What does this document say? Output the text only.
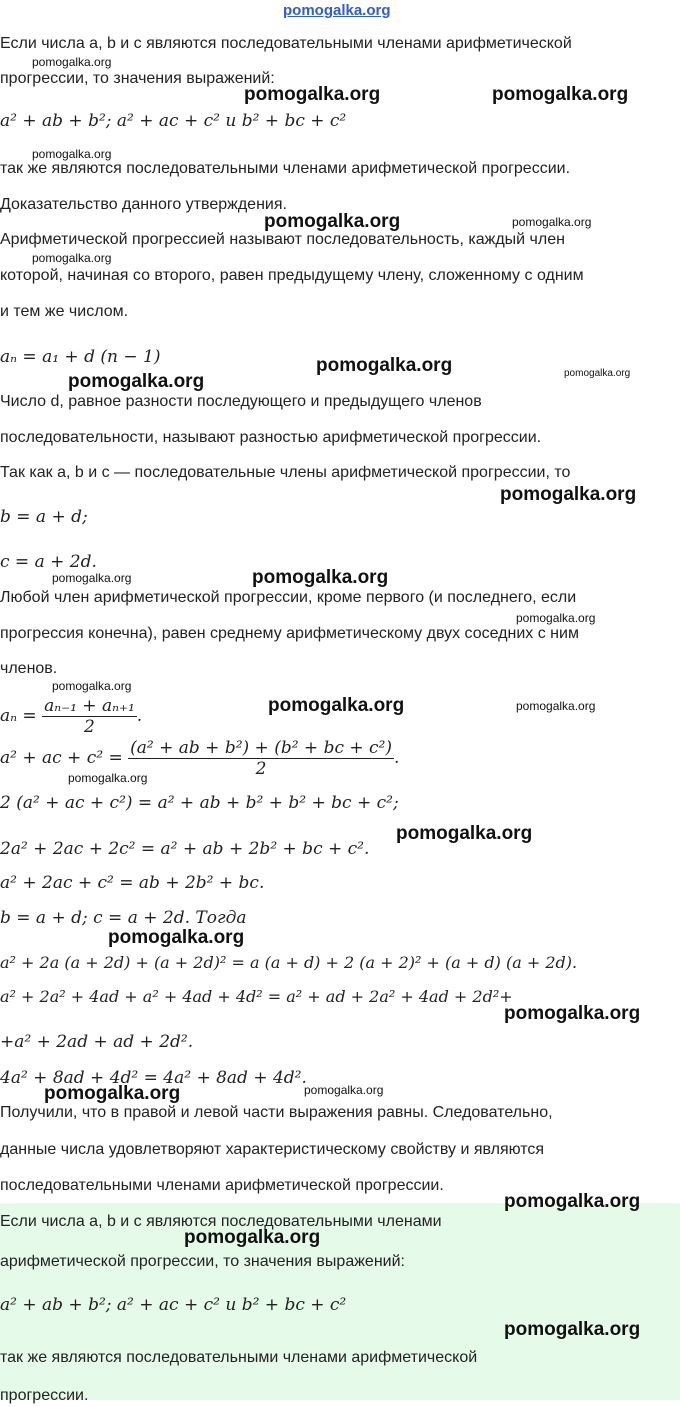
pomogalka.org
Если числа a, b и c являются последовательными членами арифметической
прогрессии, то значения выражений:
a² + ab + b²; a² + ac + c² и b² + bc + c²
так же являются последовательными членами арифметической прогрессии.
Доказательство данного утверждения.
Арифметической прогрессией называют последовательность, каждый член
которой, начиная со второго, равен предыдущему члену, сложенному с одним
и тем же числом.
aₙ = a₁ + d (n − 1)
Число d, равное разности последующего и предыдущего членов
последовательности, называют разностью арифметической прогрессии.
Так как a, b и c — последовательные члены арифметической прогрессии, то
b = a + d;
c = a + 2d.
Любой член арифметической прогрессии, кроме первого (и последнего, если
прогрессия конечна), равен среднему арифметическому двух соседних с ним
членов.
$a_n = \frac{\text{aₙ₋₁ + aₙ₊₁}}{2}$ .
a² + ac + $c^2 = \frac{\text{(a² + ab + b²) + (b² + bc + c²)}}{2}$ .
2 (a² + ac + c²) = a² + ab + b² + b² + bc + c²;
2a² + 2ac + 2c² = a² + ab + 2b² + bc + c².
a² + 2ac + c² = ab + 2b² + bc.
b = a + d; c = a + 2d. Тогда
a² + 2a (a + 2d) + (a + 2d)² = a (a + d) + 2 (a + 2)² + (a + d) (a + 2d).
a² + 2a² + 4ad + a² + 4ad + 4d² = a² + ad + 2a² + 4ad + 2d²+
+a² + 2ad + ad + 2d².
4a² + 8ad + 4d² = 4a² + 8ad + 4d².
Получили, что в правой и левой части выражения равны. Следовательно,
данные числа удовлетворяют характеристическому свойству и являются
последовательными членами арифметической прогрессии.
Если числа a, b и c являются последовательными членами
арифметической прогрессии, то значения выражений:
a² + ab + b²; a² + ac + c² и b² + bc + c²
так же являются последовательными членами арифметической
прогрессии.
pomogalka.org
pomogalka.org	pomogalka.org
pomogalka.org
pomogalka.org	pomogalka.org
pomogalka.org
pomogalka.org	pomogalka.org
pomogalka.org
pomogalka.org
pomogalka.org	pomogalka.org
pomogalka.org
pomogalka.org
pomogalka.org	pomogalka.org
pomogalka.org
pomogalka.org
pomogalka.org
pomogalka.org
pomogalka.org	pomogalka.org
pomogalka.org
pomogalka.org
pomogalka.org
